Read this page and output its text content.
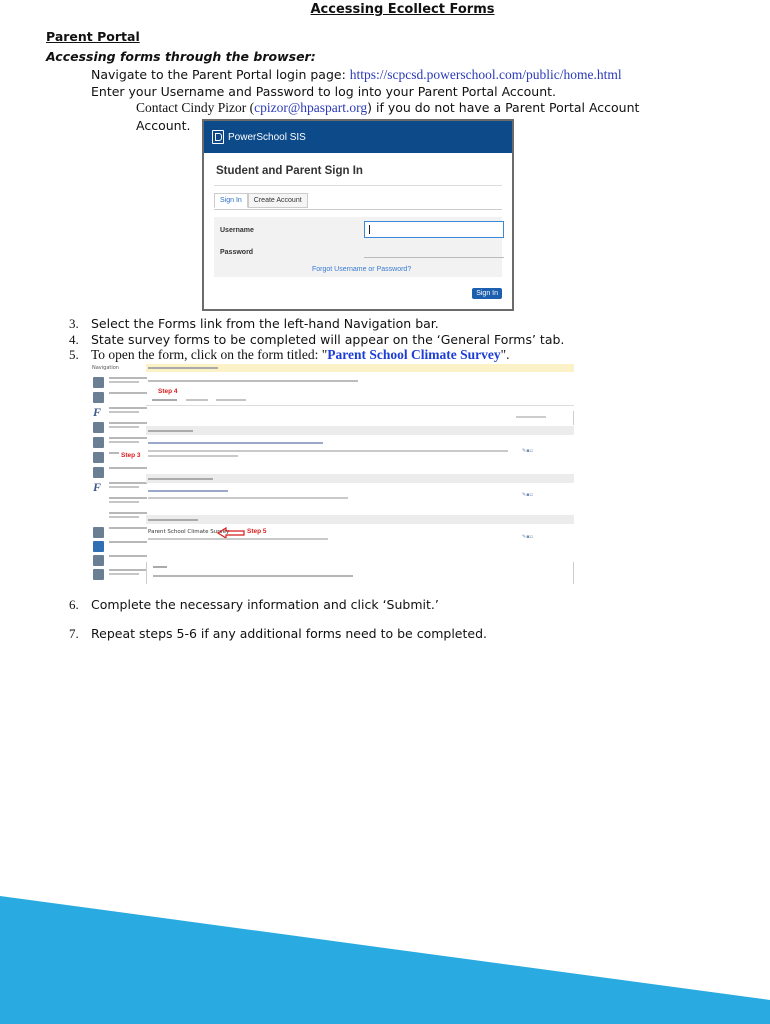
Accessing Ecollect Forms
Parent Portal
Accessing forms through the browser:
Navigate to the Parent Portal login page: https://scpcsd.powerschool.com/public/home.html
Enter your Username and Password to log into your Parent Portal Account.
Contact Cindy Pizor (cpizor@hpaspart.org) if you do not have a Parent Portal Account
Account.
PowerSchool SIS
Student and Parent Sign In
Sign In	Create Account
Username
Password
Forgot Username or Password?
Sign In
3. Select the Forms link from the left-hand Navigation bar.
4. State survey forms to be completed will appear on the ‘General Forms’ tab.
5. To open the form, click on the form titled: "Parent School Climate Survey".
Navigation
F
Step 3
F
Step 4
✎▪▫
✎▪▫
Parent School Climate Survey	Step 5
✎▪▫
6. Complete the necessary information and click ‘Submit.’
7. Repeat steps 5-6 if any additional forms need to be completed.
